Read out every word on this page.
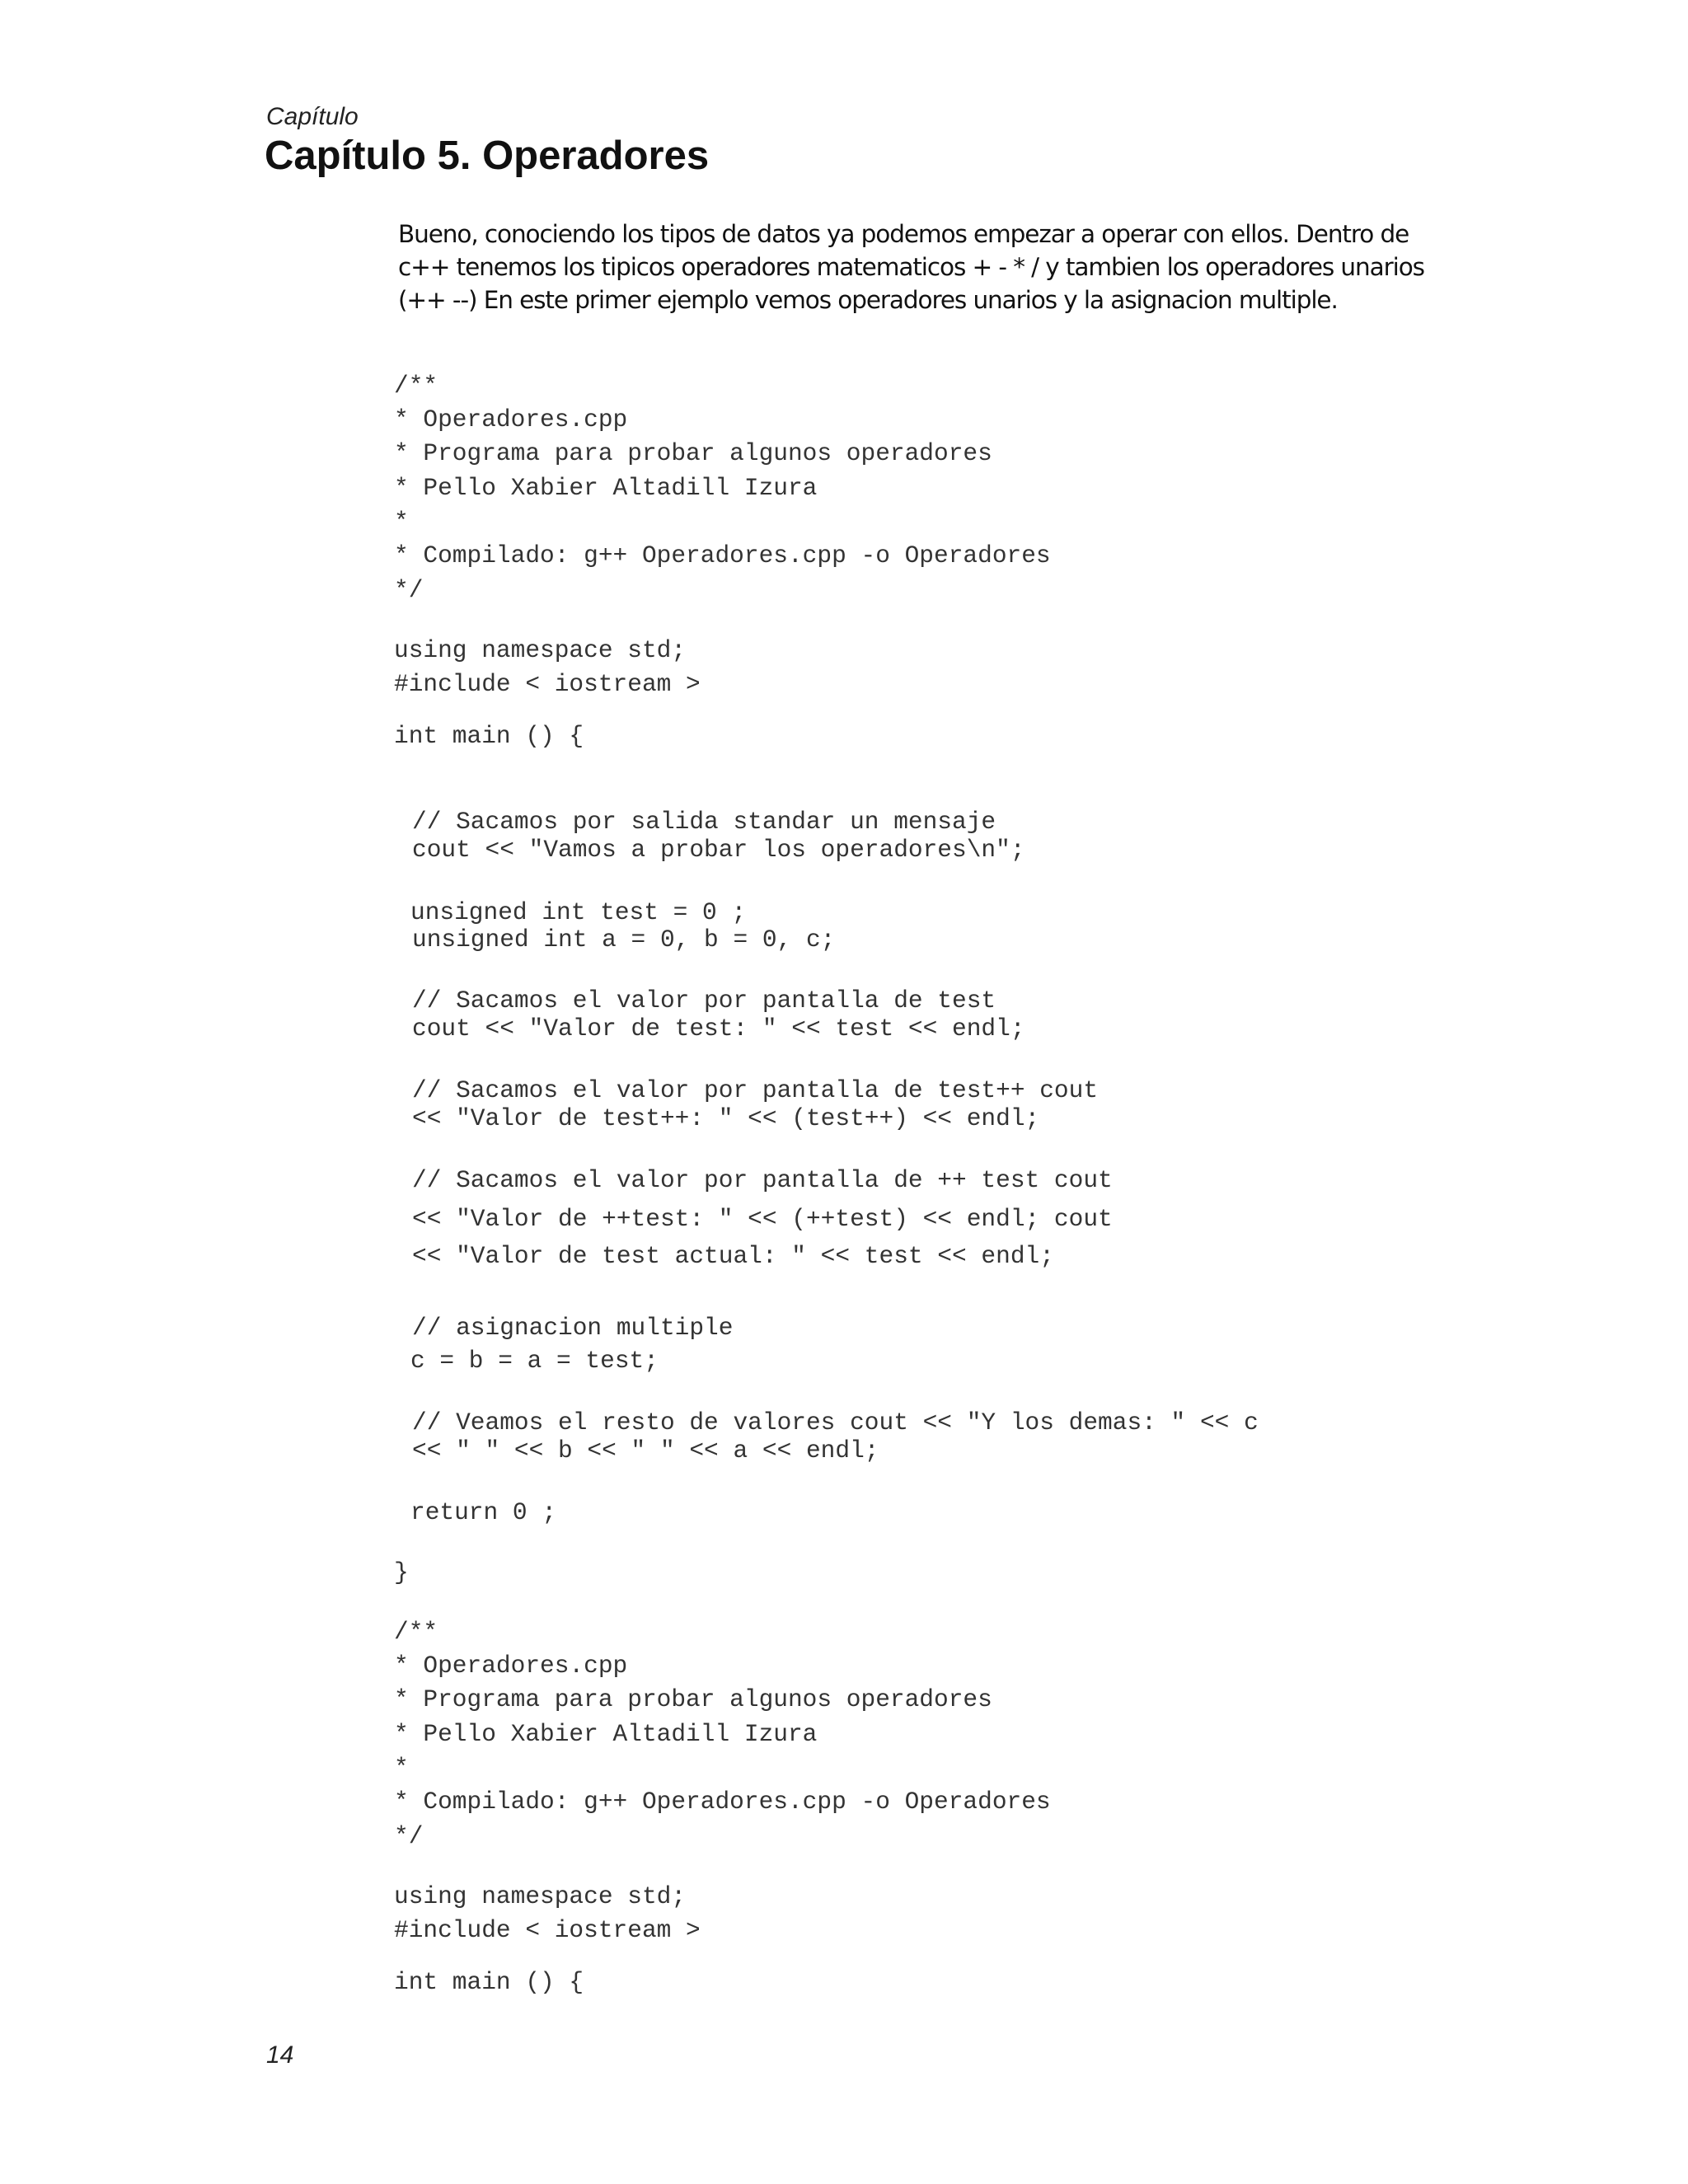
Capítulo

Capítulo 5. Operadores
Bueno, conociendo los tipos de datos ya podemos empezar a operar con ellos. Dentro de
c++ tenemos los tipicos operadores matematicos + - * / y tambien los operadores unarios
(++ --) En este primer ejemplo vemos operadores unarios y la asignacion multiple.
/**
* Operadores.cpp
* Programa para probar algunos operadores
* Pello Xabier Altadill Izura
*
* Compilado: g++ Operadores.cpp -o Operadores
*/
using namespace std;
#include < iostream >
int main () {
// Sacamos por salida standar un mensaje
cout << "Vamos a probar los operadores\n";
unsigned int test = 0 ;
unsigned int a = 0, b = 0, c;
// Sacamos el valor por pantalla de test
cout << "Valor de test: " << test << endl;
// Sacamos el valor por pantalla de test++ cout
<< "Valor de test++: " << (test++) << endl;
// Sacamos el valor por pantalla de ++ test cout
<< "Valor de ++test: " << (++test) << endl; cout
<< "Valor de test actual: " << test << endl;
// asignacion multiple
c = b = a = test;
// Veamos el resto de valores cout << "Y los demas: " << c
<< " " << b << " " << a << endl;
return 0 ;
}
/**
* Operadores.cpp
* Programa para probar algunos operadores
* Pello Xabier Altadill Izura
*
* Compilado: g++ Operadores.cpp -o Operadores
*/
using namespace std;
#include < iostream >
int main () {

14
